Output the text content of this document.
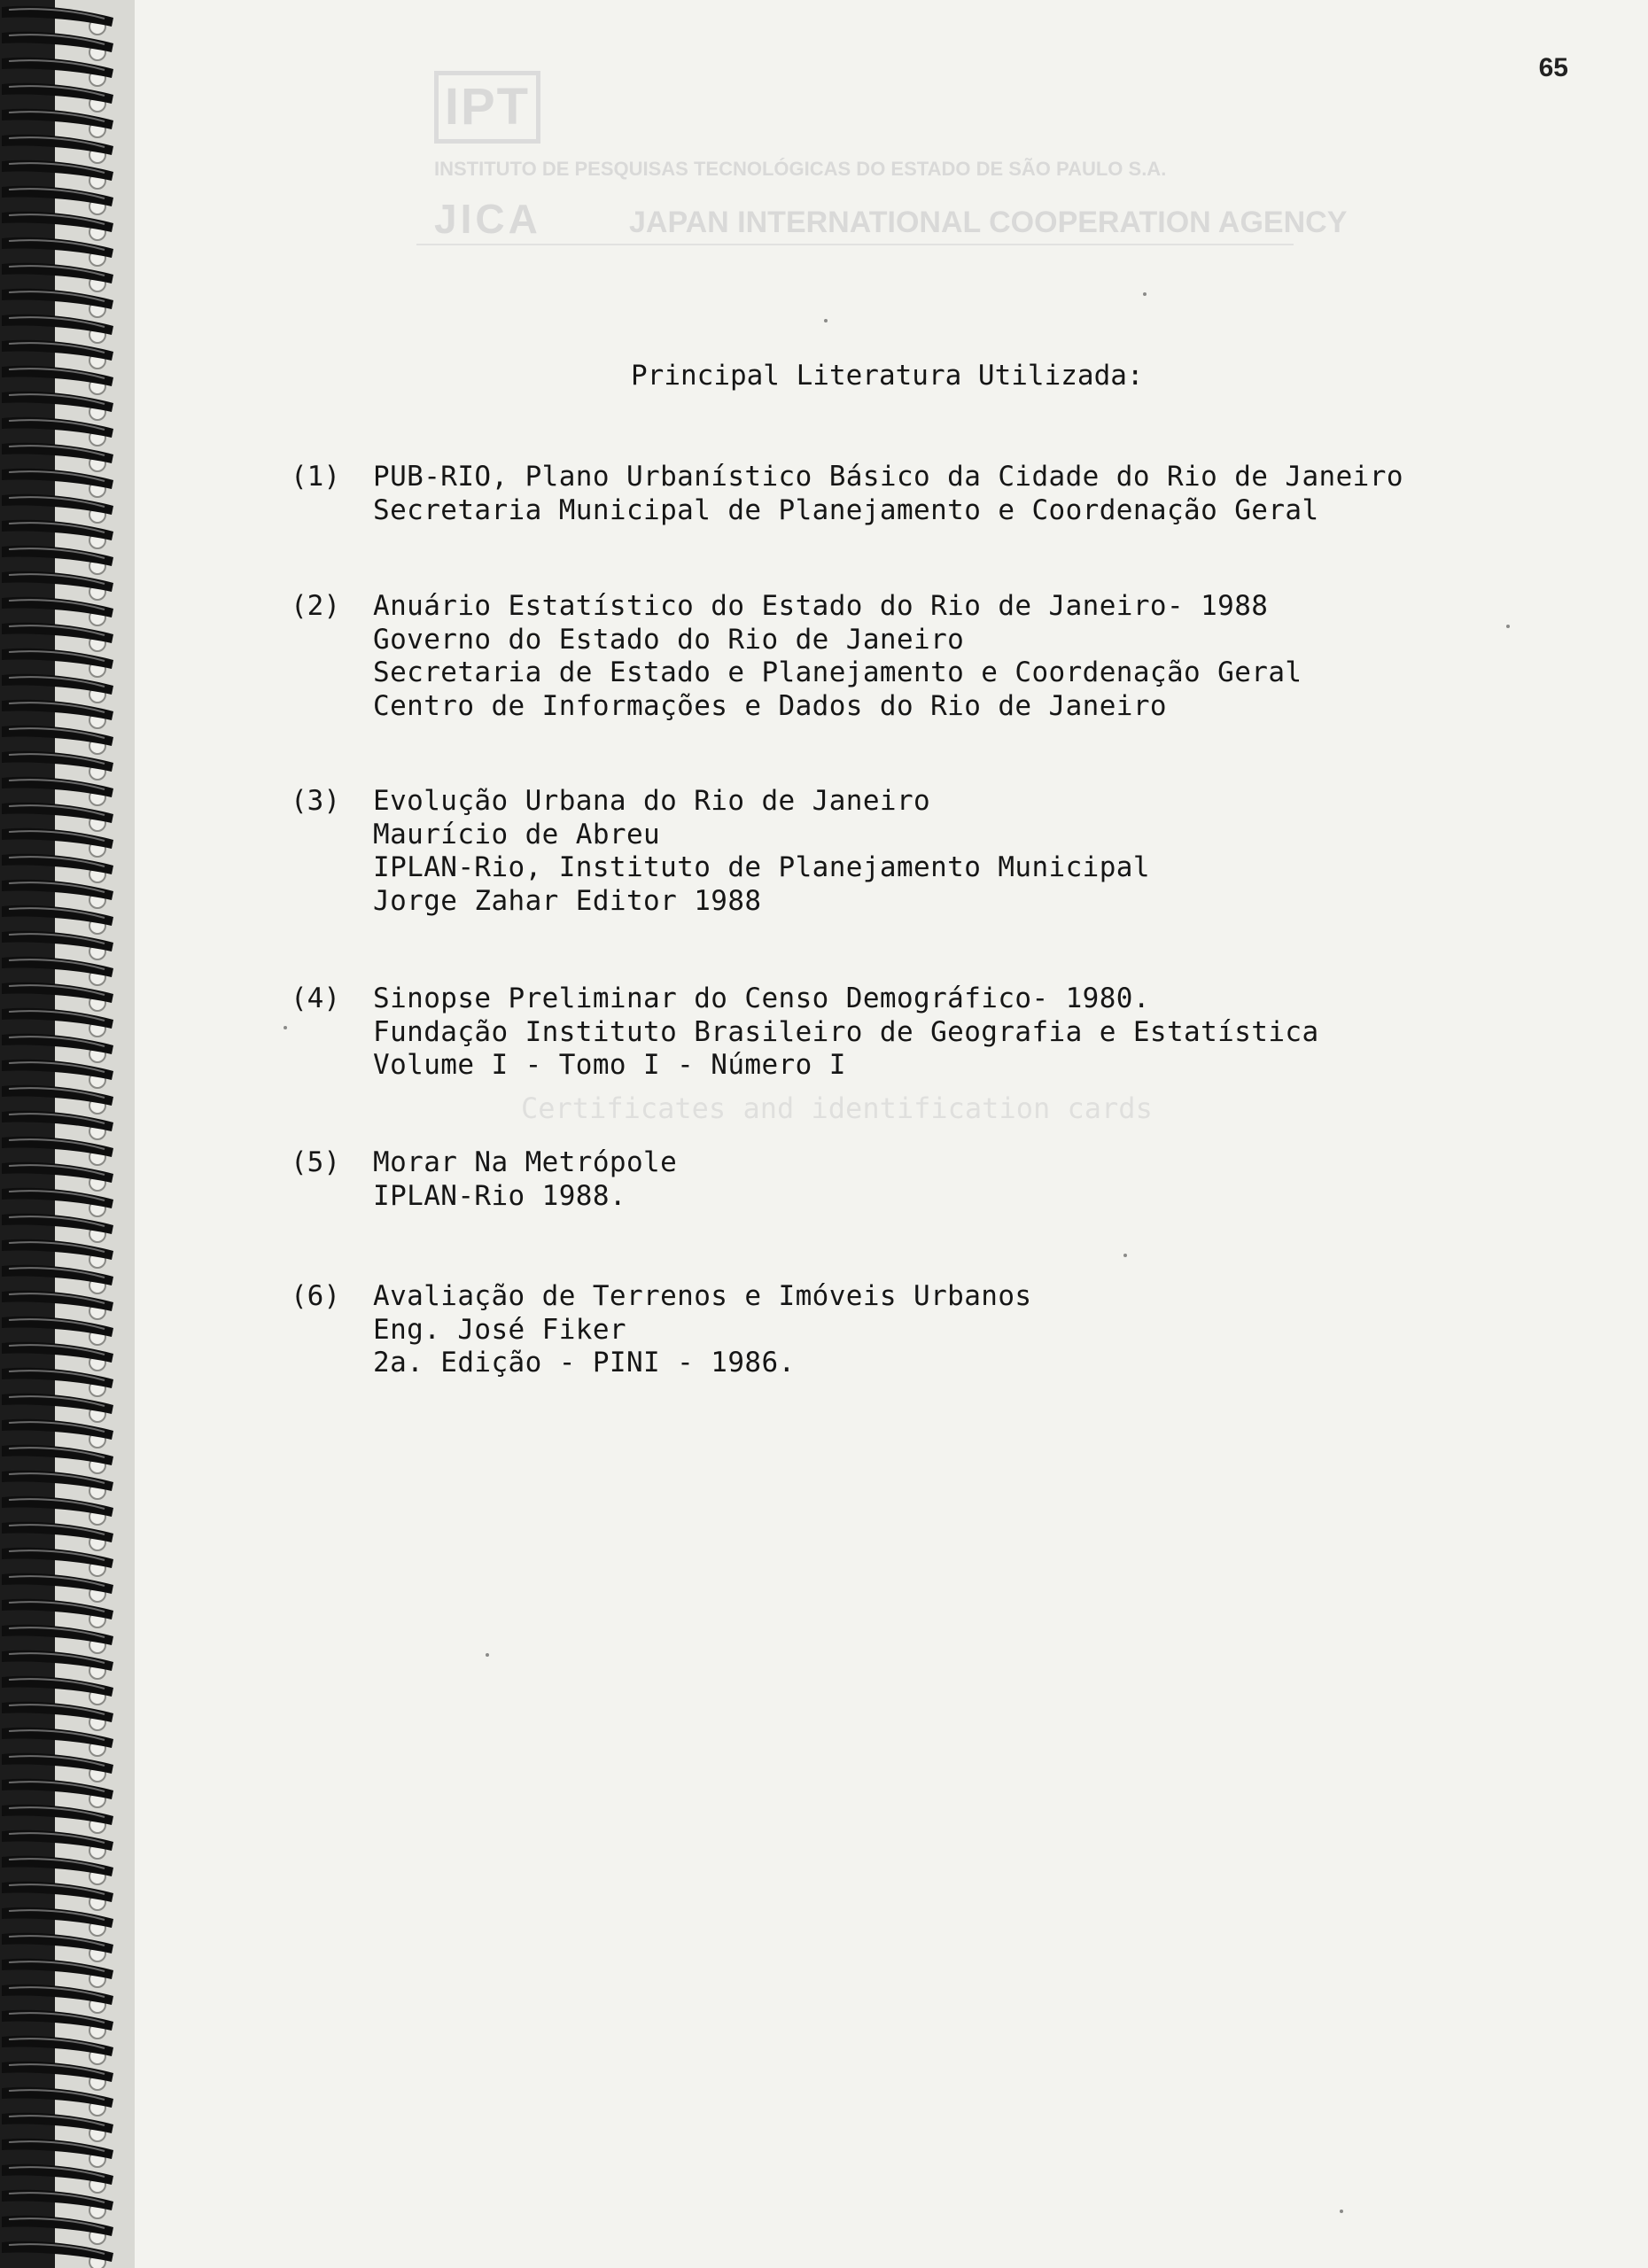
65
IPT
INSTITUTO DE PESQUISAS TECNOLÓGICAS DO ESTADO DE SÃO PAULO S.A.
JICA	JAPAN INTERNATIONAL COOPERATION AGENCY
Certificates and identification cards
Principal Literatura Utilizada:
(1) PUB-RIO, Plano Urbanístico Básico da Cidade do Rio de Janeiro
Secretaria Municipal de Planejamento e Coordenação Geral
(2) Anuário Estatístico do Estado do Rio de Janeiro- 1988
Governo do Estado do Rio de Janeiro
Secretaria de Estado e Planejamento e Coordenação Geral
Centro de Informações e Dados do Rio de Janeiro
(3) Evolução Urbana do Rio de Janeiro
Maurício de Abreu
IPLAN-Rio, Instituto de Planejamento Municipal
Jorge Zahar Editor 1988
(4) Sinopse Preliminar do Censo Demográfico- 1980.
Fundação Instituto Brasileiro de Geografia e Estatística
Volume I - Tomo I - Número I
(5) Morar Na Metrópole
IPLAN-Rio 1988.
(6) Avaliação de Terrenos e Imóveis Urbanos
Eng. José Fiker
2a. Edição - PINI - 1986.
